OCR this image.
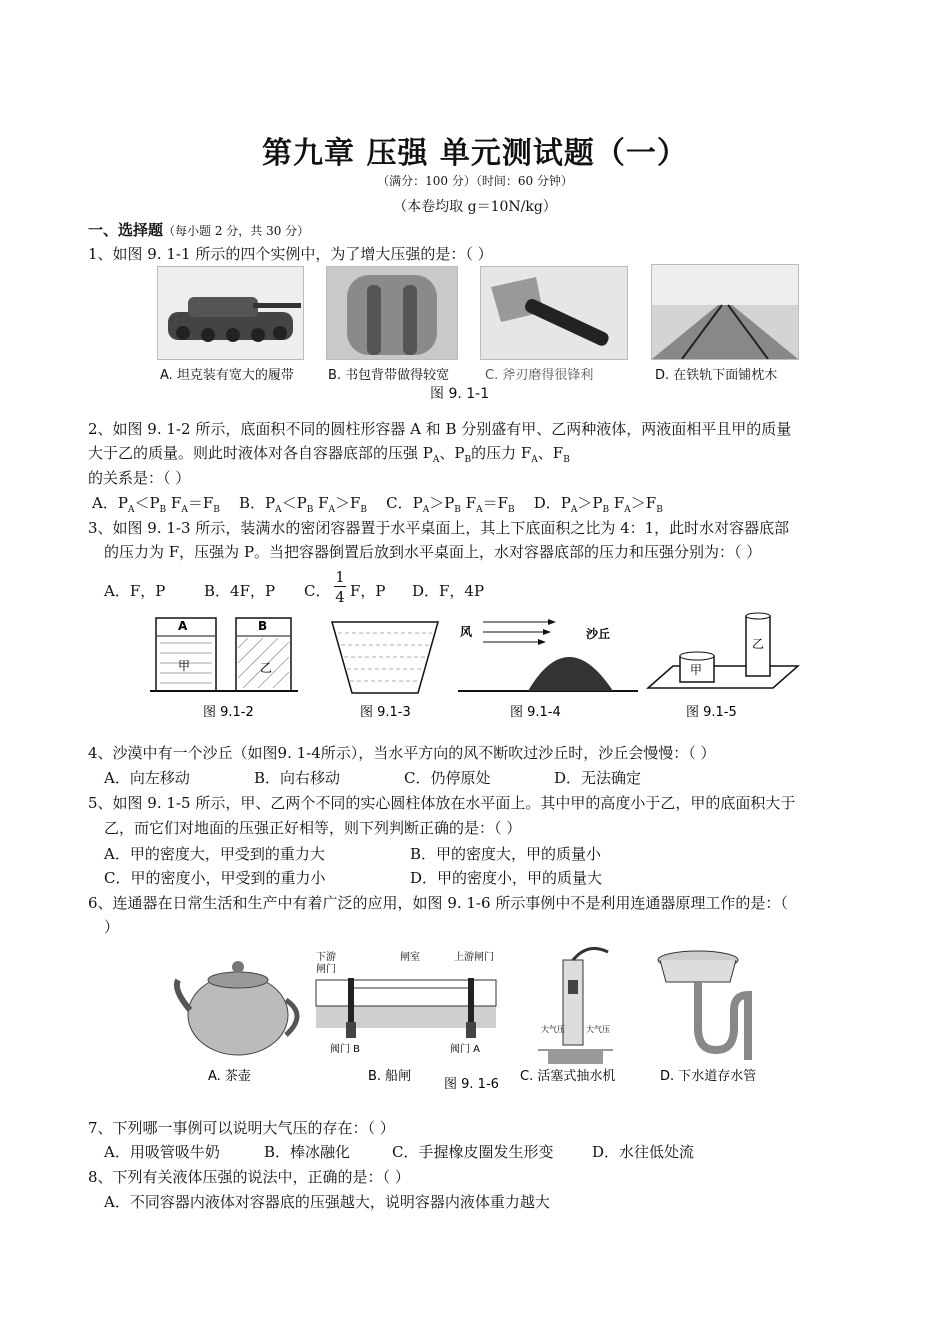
第九章 压强 单元测试题（一）
（满分：100 分）（时间：60 分钟）
（本卷均取 g＝10N/kg）
一、选择题（每小题 2 分，共 30 分）
1、如图 9. 1-1 所示的四个实例中，为了增大压强的是：（ ）
A. 坦克装有宽大的履带	B. 书包背带做得较宽	C. 斧刃磨得很锋利	D. 在铁轨下面铺枕木
图 9. 1-1
2、如图 9. 1-2 所示，底面积不同的圆柱形容器 A 和 B 分别盛有甲、乙两种液体，两液面相平且甲的质量
大于乙的质量。则此时液体对各自容器底部的压强 $P_A$、$P_B$的压力 $F_A$、$F_B$
的关系是：（ ）
A．$P_A<P_B$ $F_A=F_B$ B．$P_A<P_B$ $F_A>F_B$ C．$P_A>P_B$ $F_A=F_B$ D．$P_A>P_B$ $F_A>F_B$
3、如图 9. 1-3 所示，装满水的密闭容器置于水平桌面上，其上下底面积之比为 4：1，此时水对容器底部
的压力为 F，压强为 P。当把容器倒置后放到水平桌面上，水对容器底部的压力和压强分别为：（ ）
A．F，P	B．4F，P C．
1
4 F，P D．F，4P
A	B
甲	乙
图 9.1-2	图 9.1-3
风	沙丘
图 9.1-4
甲
乙
图 9.1-5
4、沙漠中有一个沙丘（如图9. 1-4所示），当水平方向的风不断吹过沙丘时，沙丘会慢慢：（ ）
A．向左移动	B．向右移动	C．仍停原处	D．无法确定
5、如图 9. 1-5 所示，甲、乙两个不同的实心圆柱体放在水平面上。其中甲的高度小于乙，甲的底面积大于
乙，而它们对地面的压强正好相等，则下列判断正确的是：（ ）
A．甲的密度大，甲受到的重力大	B．甲的密度大，甲的质量小
C．甲的密度小，甲受到的重力小	D．甲的密度小，甲的质量大
6、连通器在日常生活和生产中有着广泛的应用，如图 9. 1-6 所示事例中不是利用连通器原理工作的是：（
）
A. 茶壶
下游
闸门
闸室	上游闸门
阀门 B	阀门 A
B. 船闸
大气压	大气压
C. 活塞式抽水机	D. 下水道存水管
图 9. 1-6
7、下列哪一事例可以说明大气压的存在：（ ）
A．用吸管吸牛奶	B．棒冰融化	C．手握橡皮圈发生形变	D．水往低处流
8、下列有关液体压强的说法中，正确的是：（ ）
A．不同容器内液体对容器底的压强越大，说明容器内液体重力越大
